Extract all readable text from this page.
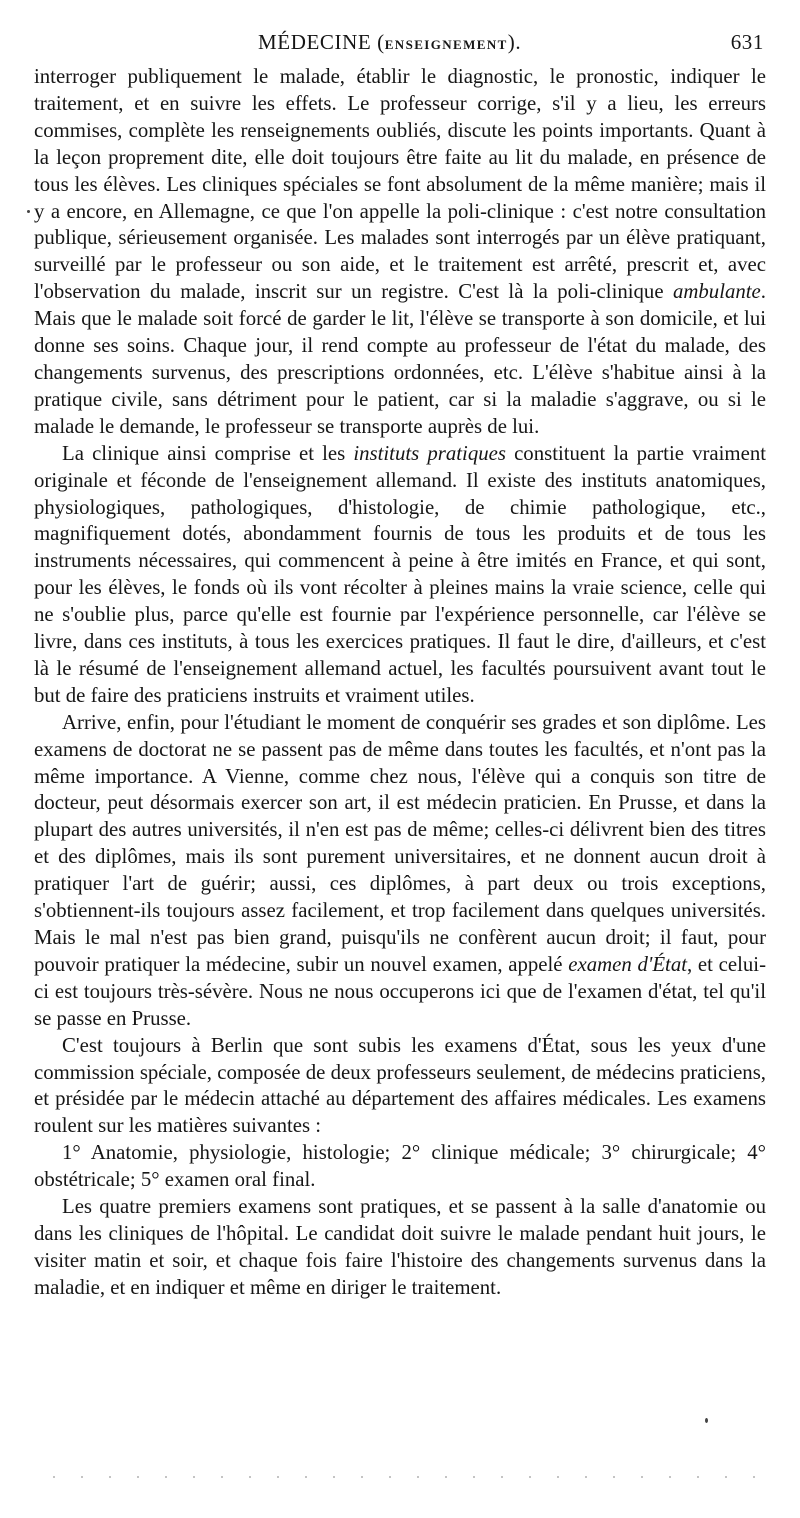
MÉDECINE (ENSEIGNEMENT).	631

interroger publiquement le malade, établir le diagnostic, le pronostic, indiquer le traitement, et en suivre les effets. Le professeur corrige, s'il y a lieu, les erreurs commises, complète les renseignements oubliés, discute les points importants. Quant à la leçon proprement dite, elle doit toujours être faite au lit du malade, en présence de tous les élèves. Les cliniques spéciales se font absolument de la même manière; mais il y a encore, en Allemagne, ce que l'on appelle la poli-clinique : c'est notre consultation publique, sérieusement organisée. Les malades sont interrogés par un élève pratiquant, surveillé par le professeur ou son aide, et le traitement est arrêté, prescrit et, avec l'observation du malade, inscrit sur un registre. C'est là la poli-clinique ambulante. Mais que le malade soit forcé de garder le lit, l'élève se transporte à son domicile, et lui donne ses soins. Chaque jour, il rend compte au professeur de l'état du malade, des changements survenus, des prescriptions ordonnées, etc. L'élève s'habitue ainsi à la pratique civile, sans détriment pour le patient, car si la maladie s'aggrave, ou si le malade le demande, le professeur se transporte auprès de lui.

La clinique ainsi comprise et les instituts pratiques constituent la partie vraiment originale et féconde de l'enseignement allemand. Il existe des instituts anatomiques, physiologiques, pathologiques, d'histologie, de chimie pathologique, etc., magnifiquement dotés, abondamment fournis de tous les produits et de tous les instruments nécessaires, qui commencent à peine à être imités en France, et qui sont, pour les élèves, le fonds où ils vont récolter à pleines mains la vraie science, celle qui ne s'oublie plus, parce qu'elle est fournie par l'expérience personnelle, car l'élève se livre, dans ces instituts, à tous les exercices pratiques. Il faut le dire, d'ailleurs, et c'est là le résumé de l'enseignement allemand actuel, les facultés poursuivent avant tout le but de faire des praticiens instruits et vraiment utiles.

Arrive, enfin, pour l'étudiant le moment de conquérir ses grades et son diplôme. Les examens de doctorat ne se passent pas de même dans toutes les facultés, et n'ont pas la même importance. A Vienne, comme chez nous, l'élève qui a conquis son titre de docteur, peut désormais exercer son art, il est médecin praticien. En Prusse, et dans la plupart des autres universités, il n'en est pas de même; celles-ci délivrent bien des titres et des diplômes, mais ils sont purement universitaires, et ne donnent aucun droit à pratiquer l'art de guérir; aussi, ces diplômes, à part deux ou trois exceptions, s'obtiennent-ils toujours assez facilement, et trop facilement dans quelques universités. Mais le mal n'est pas bien grand, puisqu'ils ne confèrent aucun droit; il faut, pour pouvoir pratiquer la médecine, subir un nouvel examen, appelé examen d'État, et celui-ci est toujours très-sévère. Nous ne nous occuperons ici que de l'examen d'état, tel qu'il se passe en Prusse.

C'est toujours à Berlin que sont subis les examens d'État, sous les yeux d'une commission spéciale, composée de deux professeurs seulement, de médecins praticiens, et présidée par le médecin attaché au département des affaires médicales. Les examens roulent sur les matières suivantes :

1° Anatomie, physiologie, histologie; 2° clinique médicale; 3° chirurgicale; 4° obstétricale; 5° examen oral final.

Les quatre premiers examens sont pratiques, et se passent à la salle d'anatomie ou dans les cliniques de l'hôpital. Le candidat doit suivre le malade pendant huit jours, le visiter matin et soir, et chaque fois faire l'histoire des changements survenus dans la maladie, et en indiquer et même en diriger le traitement.
